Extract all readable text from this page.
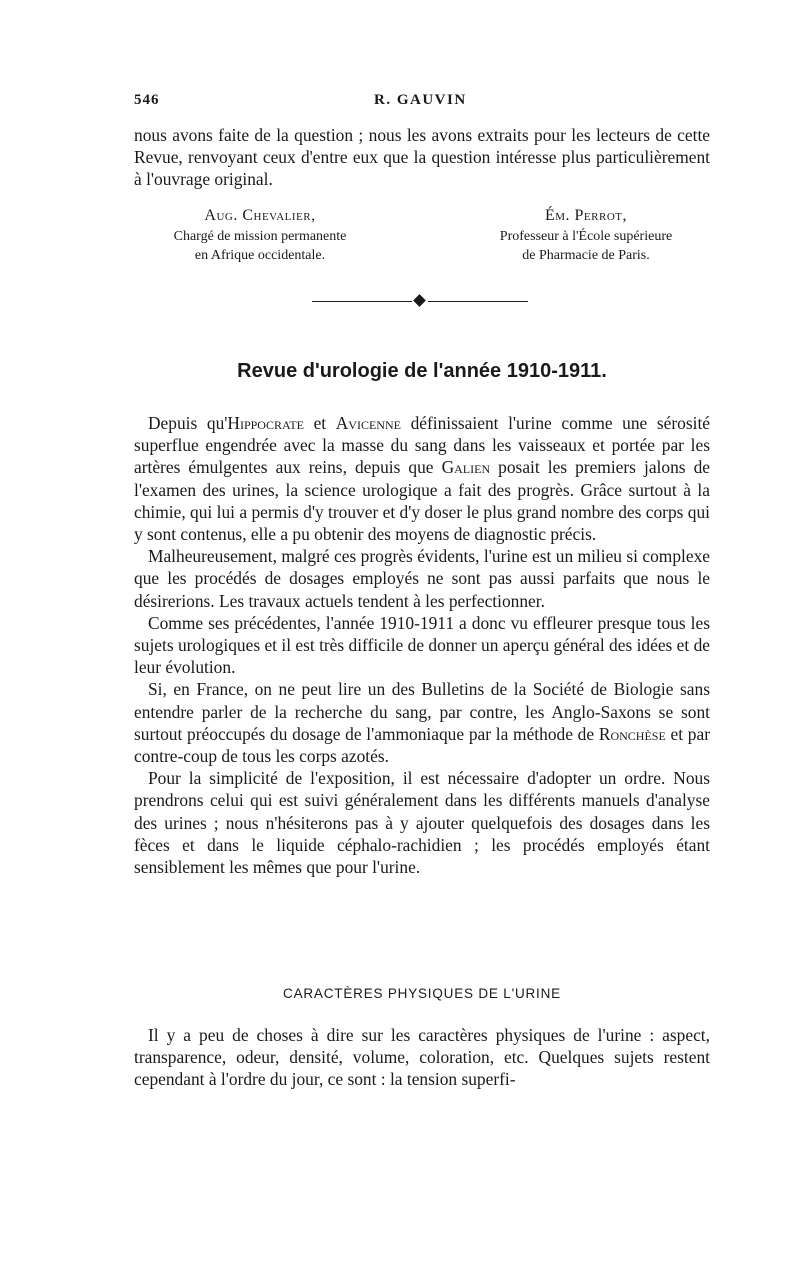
546	R. GAUVIN

nous avons faite de la question ; nous les avons extraits pour les lecteurs de cette Revue, renvoyant ceux d'entre eux que la question intéresse plus particulièrement à l'ouvrage original.

Aug. Chevalier,
Chargé de mission permanente
en Afrique occidentale.
Ém. Perrot,
Professeur à l'École supérieure
de Pharmacie de Paris.
Revue d'urologie de l'année 1910-1911.

Depuis qu'Hippocrate et Avicenne définissaient l'urine comme une sérosité superflue engendrée avec la masse du sang dans les vaisseaux et portée par les artères émulgentes aux reins, depuis que Galien posait les premiers jalons de l'examen des urines, la science urologique a fait des progrès. Grâce surtout à la chimie, qui lui a permis d'y trouver et d'y doser le plus grand nombre des corps qui y sont contenus, elle a pu obtenir des moyens de diagnostic précis.

Malheureusement, malgré ces progrès évidents, l'urine est un milieu si complexe que les procédés de dosages employés ne sont pas aussi parfaits que nous le désirerions. Les travaux actuels tendent à les perfectionner.

Comme ses précédentes, l'année 1910-1911 a donc vu effleurer presque tous les sujets urologiques et il est très difficile de donner un aperçu général des idées et de leur évolution.

Si, en France, on ne peut lire un des Bulletins de la Société de Biologie sans entendre parler de la recherche du sang, par contre, les Anglo-Saxons se sont surtout préoccupés du dosage de l'ammoniaque par la méthode de Ronchèse et par contre-coup de tous les corps azotés.

Pour la simplicité de l'exposition, il est nécessaire d'adopter un ordre. Nous prendrons celui qui est suivi généralement dans les différents manuels d'analyse des urines ; nous n'hésiterons pas à y ajouter quelquefois des dosages dans les fèces et dans le liquide céphalo-rachidien ; les procédés employés étant sensiblement les mêmes que pour l'urine.

CARACTÈRES PHYSIQUES DE L'URINE

Il y a peu de choses à dire sur les caractères physiques de l'urine : aspect, transparence, odeur, densité, volume, coloration, etc. Quelques sujets restent cependant à l'ordre du jour, ce sont : la tension superfi-
